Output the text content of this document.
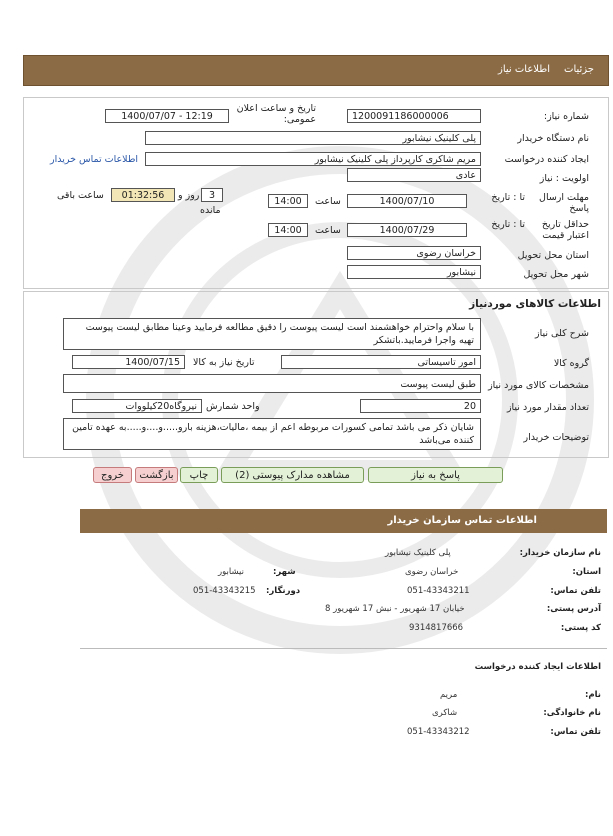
جزئیات
اطلاعات نیاز
شماره نیاز:
1200091186000006
تاریخ و ساعت اعلان عمومی:
1400/07/07 - 12:19
نام دستگاه خریدار
پلی کلینیک نیشابور
ایجاد کننده درخواست
مریم شاکری کارپرداز پلی کلینیک نیشابور
اطلاعات تماس خریدار
اولویت : نیاز
عادی
مهلت ارسال پاسخ
تا : تاریخ
1400/07/10
ساعت
14:00
3
روز و
01:32:56
مانده
ساعت باقی
حداقل تاریخ اعتبار قیمت
تا : تاریخ
1400/07/29
ساعت
14:00
استان محل تحویل
خراسان رضوی
شهر محل تحویل
نیشابور
اطلاعات کالاهای موردنیاز
شرح کلی نیاز
با سلام واحترام خواهشمند است لیست پیوست را دقیق مطالعه فرمایید وعینا مطابق لیست پیوست تهیه واجرا فرمایید.باتشکر
گروه کالا
امور تاسیساتی
تاریخ نیاز به کالا
1400/07/15
مشخصات کالای مورد نیاز
طبق لیست پیوست
تعداد مقدار مورد نیاز
20
واحد شمارش
نیروگاه20کیلووات
توضیحات خریدار
شایان ذکر می باشد تمامی کسورات مربوطه اعم از بیمه ،مالیات،هزینه بارو.....و....و.....به عهده تامین کننده می‌باشد
پاسخ به نیاز
مشاهده مدارک پیوستی (2)
چاپ
بازگشت
خروج
اطلاعات تماس سازمان خریدار
نام سازمان خریدار:
پلی کلینیک نیشابور
استان:
خراسان رضوی
شهر:
نیشابور
تلفن تماس:
051-43343211
دورنگار:
051-43343215
آدرس پستی:
خیابان 17 شهریور - نبش 17 شهریور 8
کد پستی:
9314817666
اطلاعات ایجاد کننده درخواست
نام:
مریم
نام خانوادگی:
شاکری
تلفن تماس:
051-43343212
